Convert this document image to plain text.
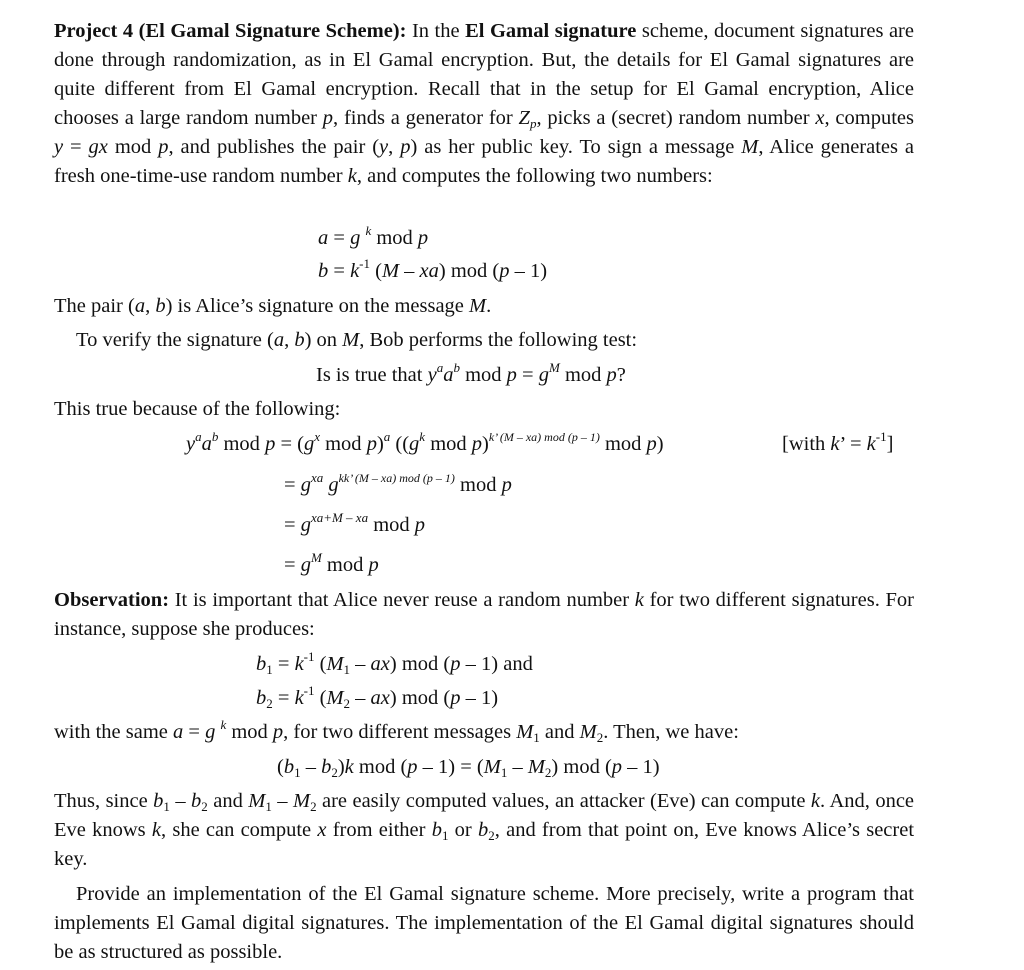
Project 4 (El Gamal Signature Scheme): In the El Gamal signature scheme, document signatures are done through randomization, as in El Gamal encryption. But, the details for El Gamal signatures are quite different from El Gamal encryption. Recall that in the setup for El Gamal encryption, Alice chooses a large random number p, finds a generator for $Z_p$, picks a (secret) random number x, computes y = gx mod p, and publishes the pair (y, p) as her public key. To sign a message M, Alice generates a fresh one-time-use random number k, and computes the following two numbers:

a = g $^k$ mod p
$b = k^{-1}$ (M – xa) mod (p – 1)

The pair (a, b) is Alice’s signature on the message M.

To verify the signature (a, b) on M, Bob performs the following test:

Is is true that $y^aa^b$ mod $p = g^M$ mod p?

This true because of the following:

$y^aa^b$ mod $p = (g^x$ mod p)$^a$ (($g^k$ mod p)$^{k’ (M - xa) mod (p - 1)}$ mod p)	[with k’ = $k^{-1}$]
= $g^{xa}$ $g^{kk’ (M - xa) mod (p - 1)}$ mod p
= $g^{xa+M - xa}$ mod p
= $g^M$ mod p

Observation: It is important that Alice never reuse a random number k for two different signatures. For instance, suppose she produces:

$b_1 = k^{-1}$ $(M_1 - ax)$ mod (p – 1) and
$b_2 = k^{-1}$ $(M_2 - ax)$ mod (p – 1)

with the same a = g $^k$ mod p, for two different messages $M_1$ and $M_2$. Then, we have:

$(b_1 - b_2)k$ mod $(p - 1) = (M_1 - M_2)$ mod (p – 1)

Thus, since $b_1 - b_2$ and $M_1 - M_2$ are easily computed values, an attacker (Eve) can compute k. And, once Eve knows k, she can compute x from either $b_1$ or $b_2$, and from that point on, Eve knows Alice’s secret key.

Provide an implementation of the El Gamal signature scheme. More precisely, write a program that implements El Gamal digital signatures. The implementation of the El Gamal digital signatures should be as structured as possible.
